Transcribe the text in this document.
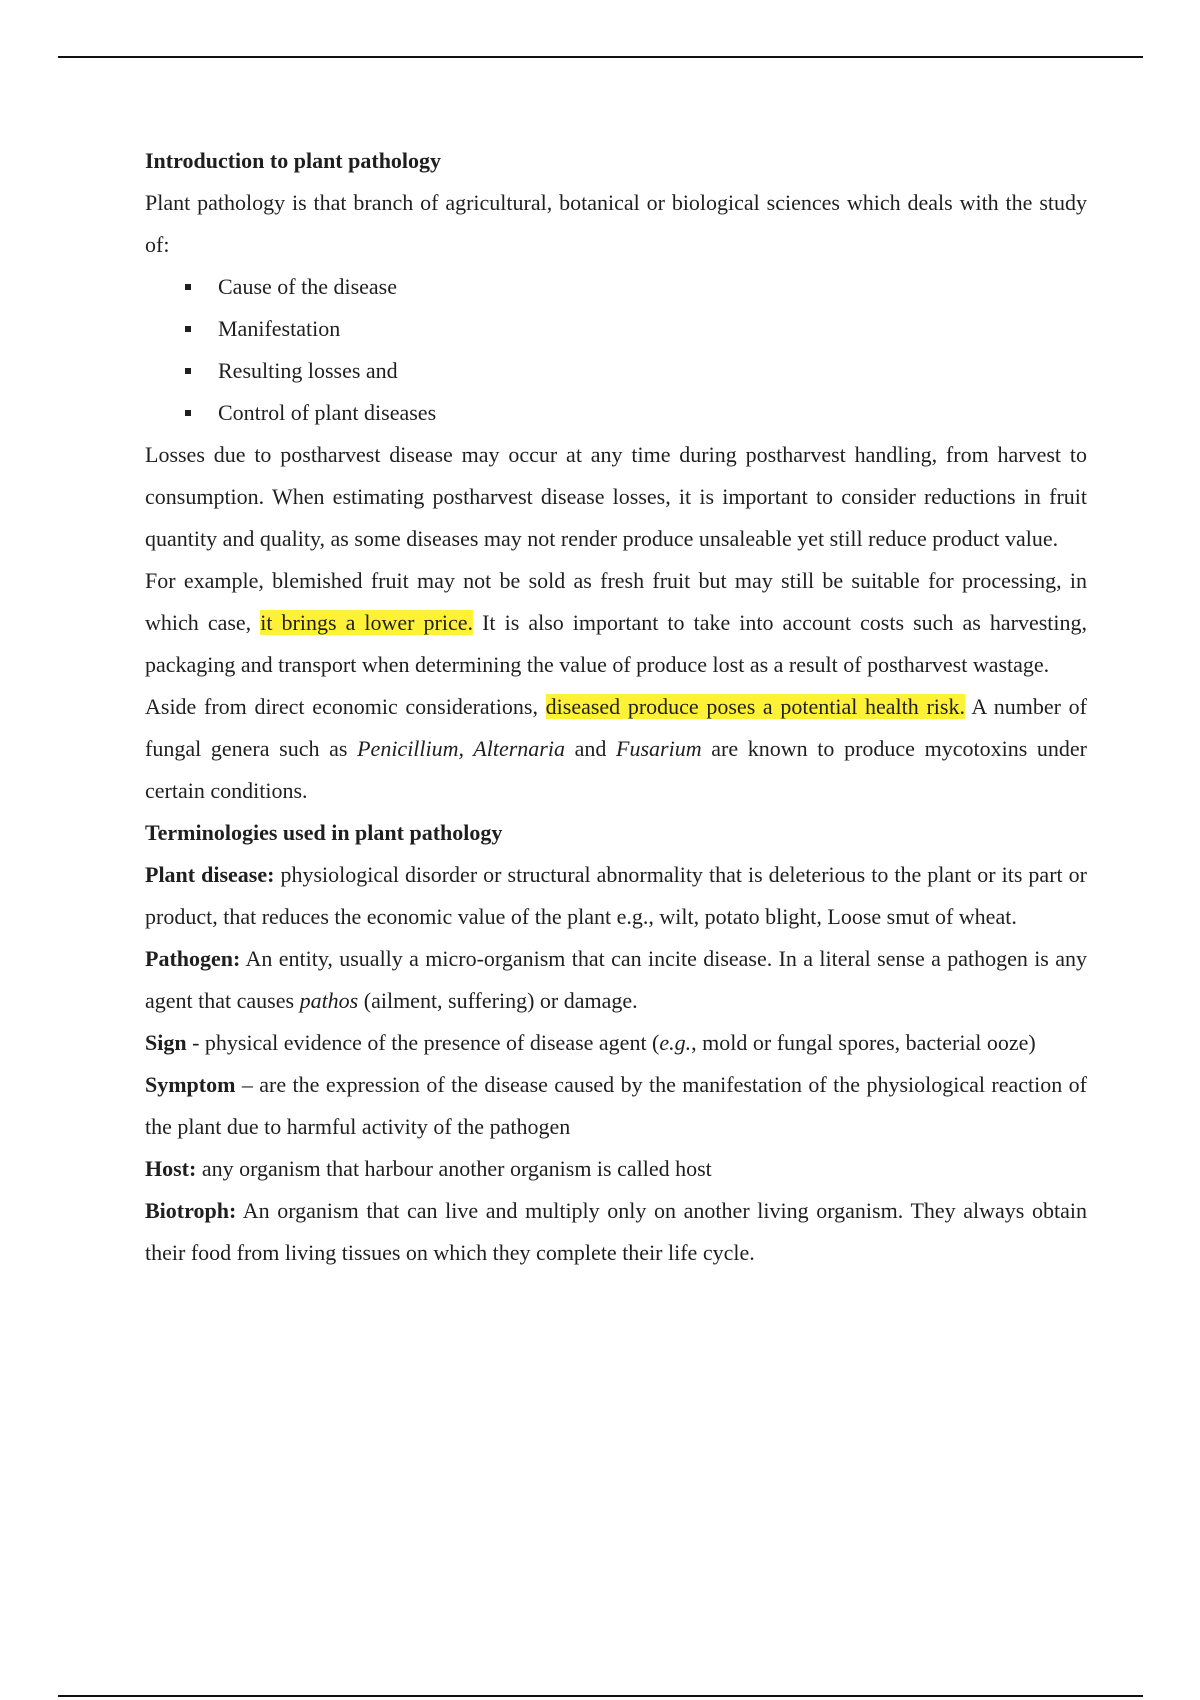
Introduction to plant pathology

Plant pathology is that branch of agricultural, botanical or biological sciences which deals with the study of:

Cause of the disease
Manifestation
Resulting losses and
Control of plant diseases

Losses due to postharvest disease may occur at any time during postharvest handling, from harvest to consumption. When estimating postharvest disease losses, it is important to consider reductions in fruit quantity and quality, as some diseases may not render produce unsaleable yet still reduce product value.

For example, blemished fruit may not be sold as fresh fruit but may still be suitable for processing, in which case, it brings a lower price. It is also important to take into account costs such as harvesting, packaging and transport when determining the value of produce lost as a result of postharvest wastage.

Aside from direct economic considerations, diseased produce poses a potential health risk. A number of fungal genera such as Penicillium, Alternaria and Fusarium are known to produce mycotoxins under certain conditions.

Terminologies used in plant pathology

Plant disease: physiological disorder or structural abnormality that is deleterious to the plant or its part or product, that reduces the economic value of the plant e.g., wilt, potato blight, Loose smut of wheat.

Pathogen: An entity, usually a micro-organism that can incite disease. In a literal sense a pathogen is any agent that causes pathos (ailment, suffering) or damage.

Sign - physical evidence of the presence of disease agent (e.g., mold or fungal spores, bacterial ooze)

Symptom – are the expression of the disease caused by the manifestation of the physiological reaction of the plant due to harmful activity of the pathogen

Host: any organism that harbour another organism is called host

Biotroph: An organism that can live and multiply only on another living organism. They always obtain their food from living tissues on which they complete their life cycle.
